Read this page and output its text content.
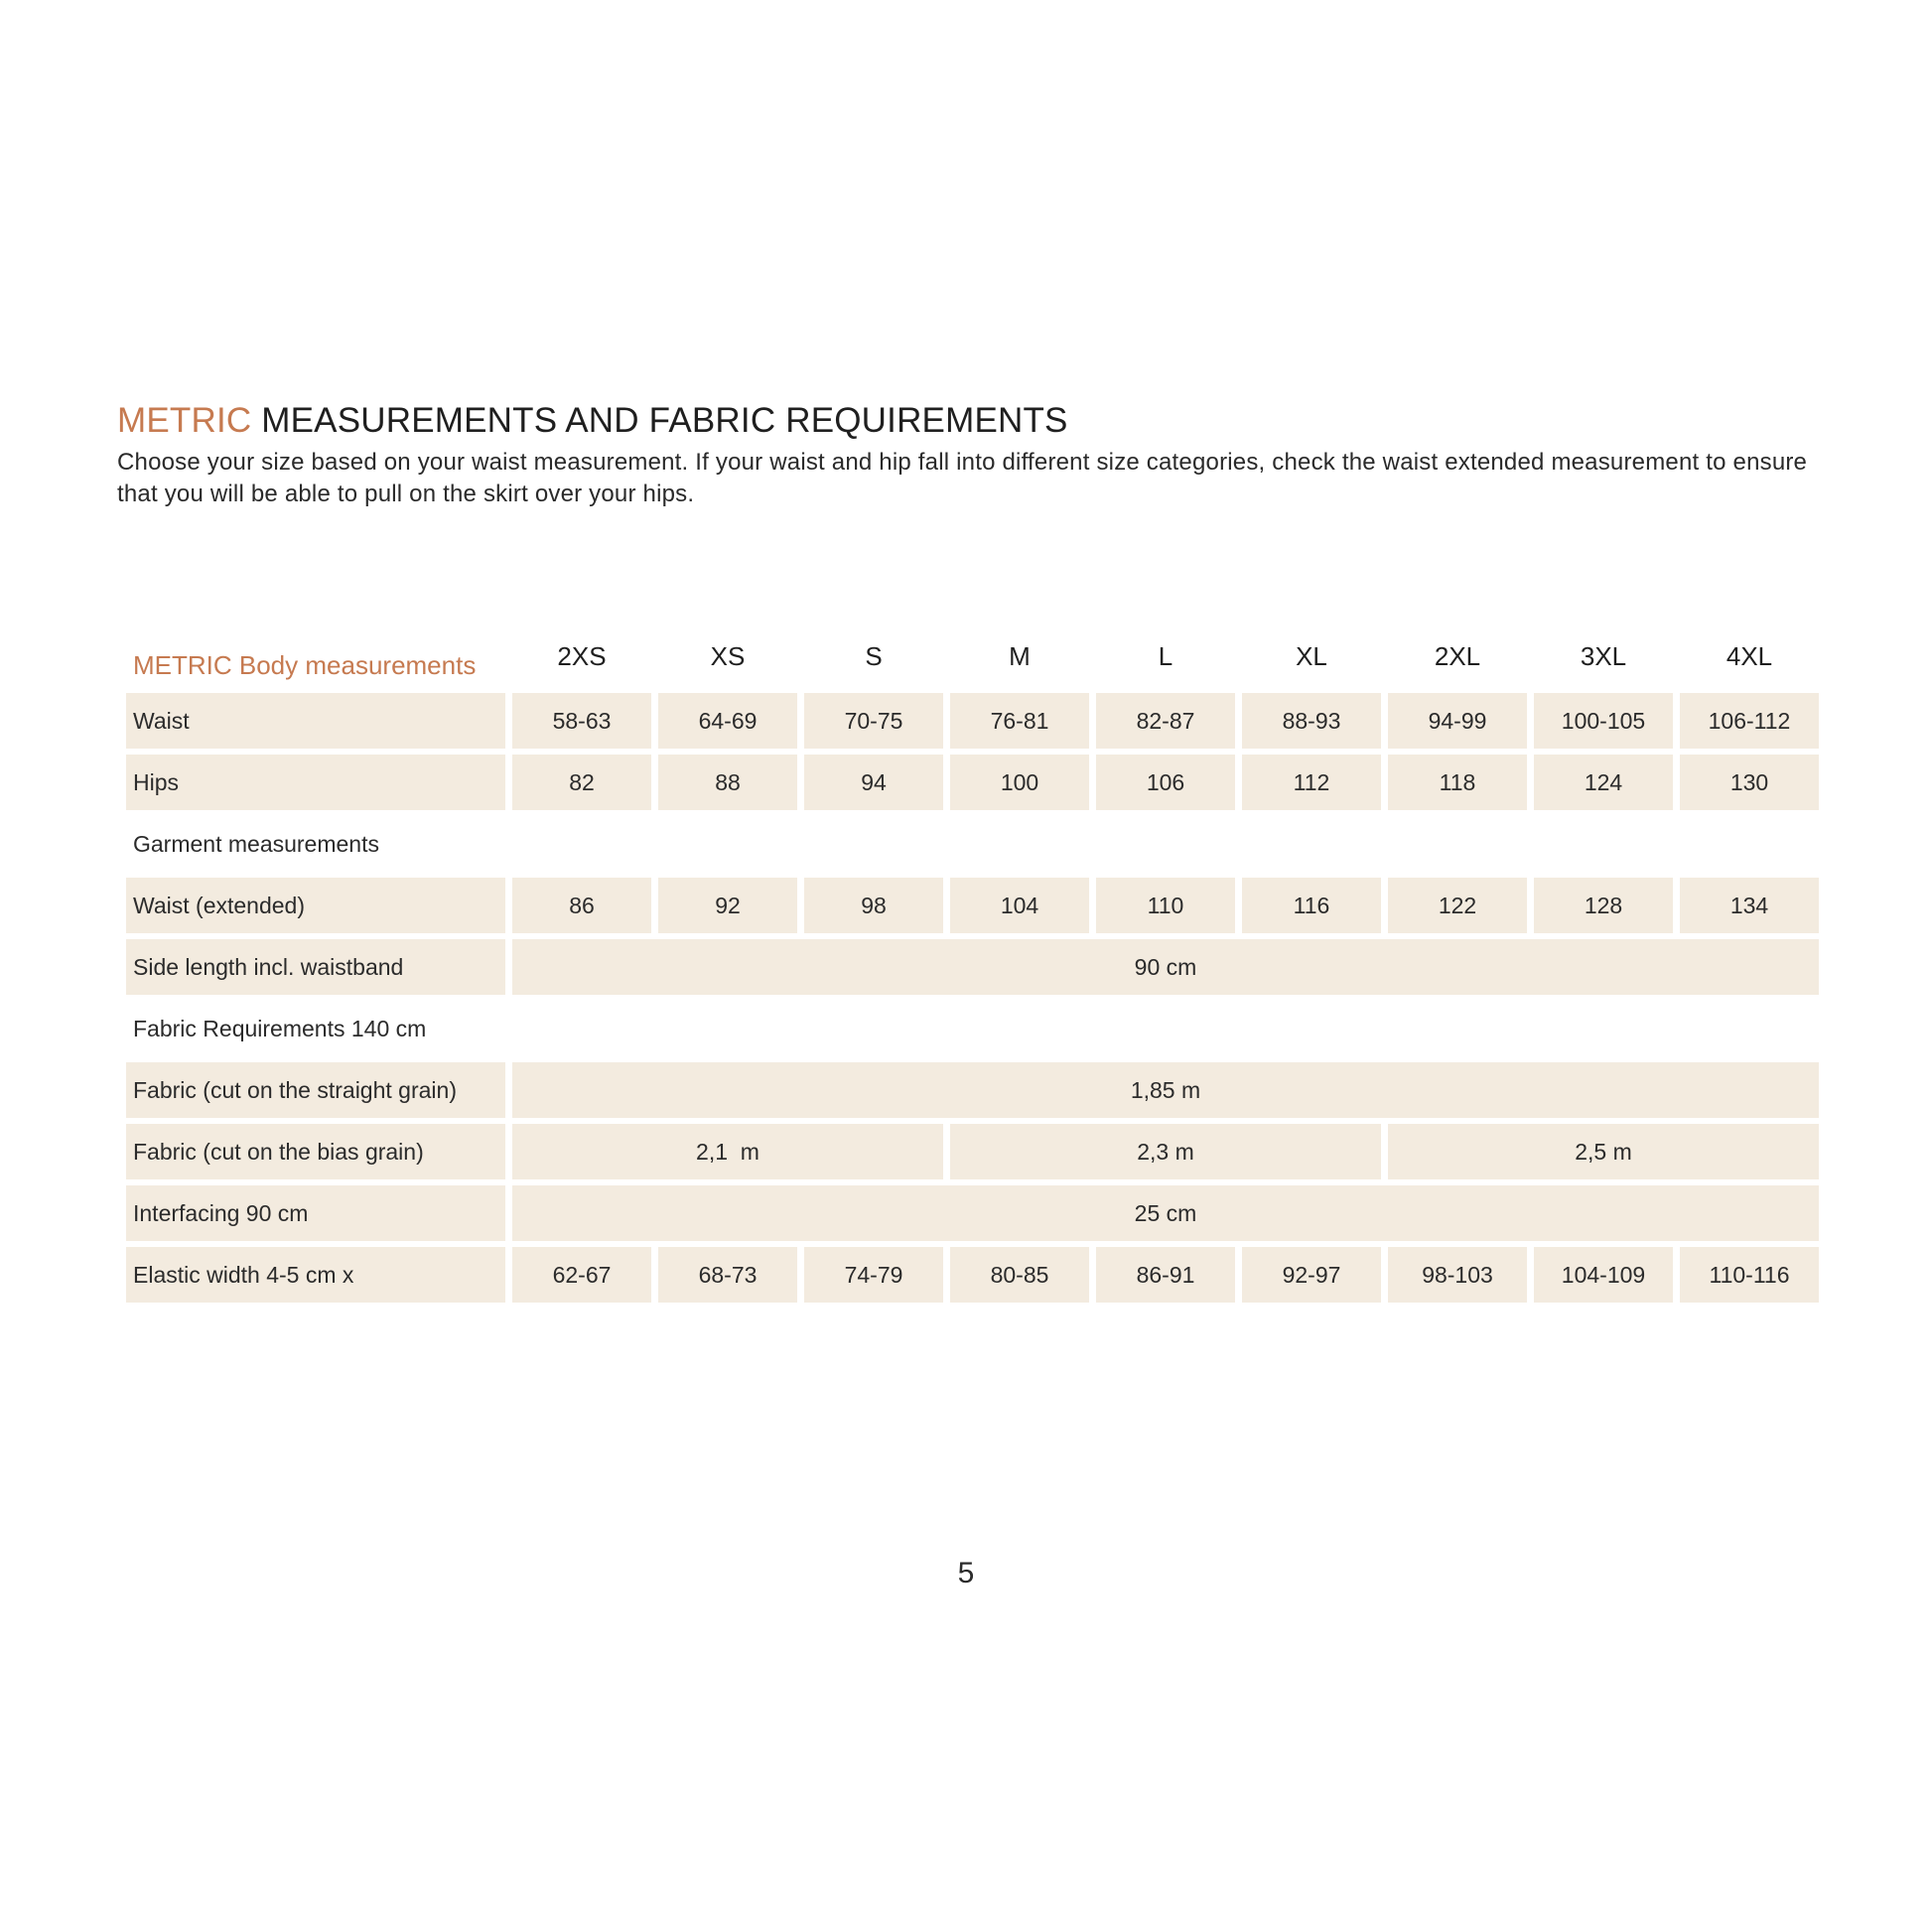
METRIC MEASUREMENTS AND FABRIC REQUIREMENTS

Choose your size based on your waist measurement. If your waist and hip fall into different size categories, check the waist extended measurement to ensure that you will be able to pull on the skirt over your hips.

METRIC Body measurements	2XS	XS	S	M	L	XL	2XL	3XL	4XL
Waist	58-63	64-69	70-75	76-81	82-87	88-93	94-99	100-105	106-112
Hips	82	88	94	100	106	112	118	124	130
Garment measurements
Waist (extended)	86	92	98	104	110	116	122	128	134
Side length incl. waistband	90 cm
Fabric Requirements 140 cm
Fabric (cut on the straight grain)	1,85 m
Fabric (cut on the bias grain)	2,1  m	2,3 m	2,5 m
Interfacing 90 cm	25 cm
Elastic width 4-5 cm x	62-67	68-73	74-79	80-85	86-91	92-97	98-103	104-109	110-116
5
